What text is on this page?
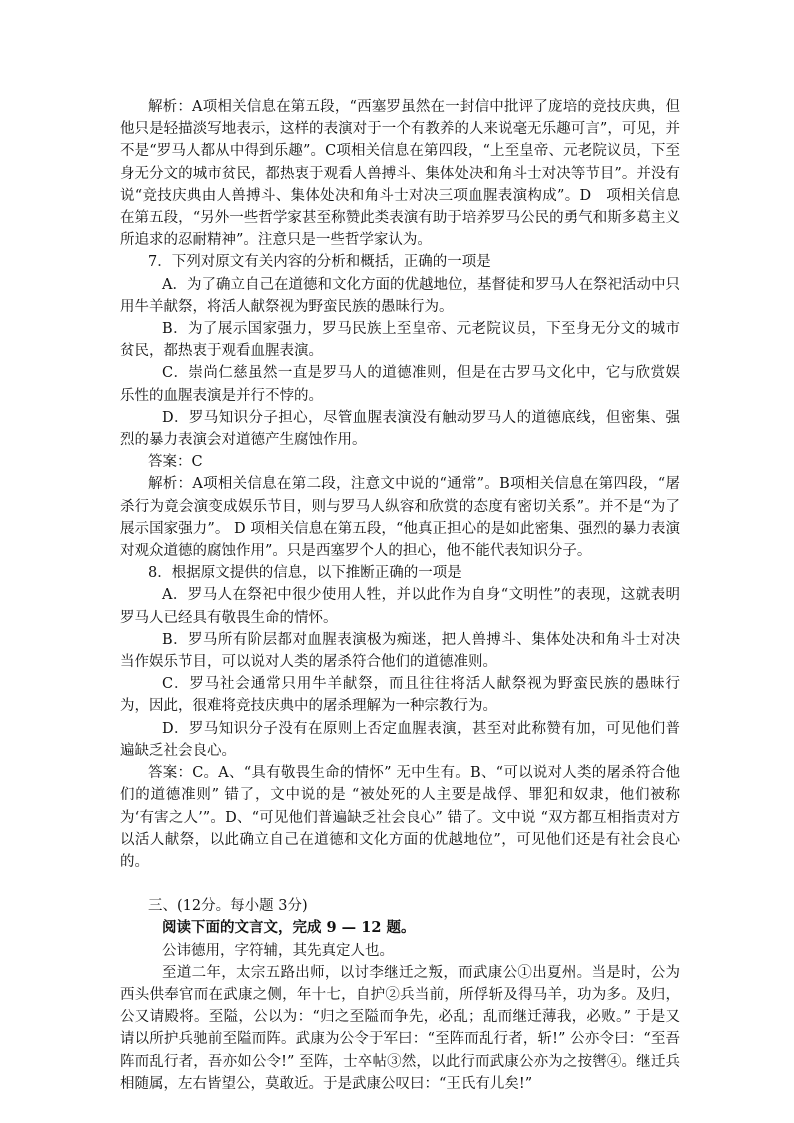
解析：A项相关信息在第五段，“西塞罗虽然在一封信中批评了庞培的竞技庆典，但他只是轻描淡写地表示，这样的表演对于一个有教养的人来说毫无乐趣可言”，可见，并不是“罗马人都从中得到乐趣”。C项相关信息在第四段，“上至皇帝、元老院议员，下至身无分文的城市贫民，都热衷于观看人兽搏斗、集体处决和角斗士对决等节目”。并没有说“竞技庆典由人兽搏斗、集体处决和角斗士对决三项血腥表演构成”。D　项相关信息在第五段，“另外一些哲学家甚至称赞此类表演有助于培养罗马公民的勇气和斯多葛主义所追求的忍耐精神”。注意只是一些哲学家认为。

7．下列对原文有关内容的分析和概括，正确的一项是

A．为了确立自己在道德和文化方面的优越地位，基督徒和罗马人在祭祀活动中只用牛羊献祭，将活人献祭视为野蛮民族的愚昧行为。

B．为了展示国家强力，罗马民族上至皇帝、元老院议员，下至身无分文的城市贫民，都热衷于观看血腥表演。

C．崇尚仁慈虽然一直是罗马人的道德准则，但是在古罗马文化中，它与欣赏娱乐性的血腥表演是并行不悖的。

D．罗马知识分子担心，尽管血腥表演没有触动罗马人的道德底线，但密集、强烈的暴力表演会对道德产生腐蚀作用。

答案：C

解析：A项相关信息在第二段，注意文中说的“通常”。B项相关信息在第四段，“屠杀行为竟会演变成娱乐节目，则与罗马人纵容和欣赏的态度有密切关系”。并不是“为了展示国家强力”。 D 项相关信息在第五段，“他真正担心的是如此密集、强烈的暴力表演对观众道德的腐蚀作用”。只是西塞罗个人的担心，他不能代表知识分子。

8．根据原文提供的信息，以下推断正确的一项是

A．罗马人在祭祀中很少使用人牲，并以此作为自身“文明性”的表现，这就表明罗马人已经具有敬畏生命的情怀。

B．罗马所有阶层都对血腥表演极为痴迷，把人兽搏斗、集体处决和角斗士对决当作娱乐节目，可以说对人类的屠杀符合他们的道德准则。

C．罗马社会通常只用牛羊献祭，而且往往将活人献祭视为野蛮民族的愚昧行为，因此，很难将竞技庆典中的屠杀理解为一种宗教行为。

D．罗马知识分子没有在原则上否定血腥表演，甚至对此称赞有加，可见他们普遍缺乏社会良心。

答案：C。A、“具有敬畏生命的情怀” 无中生有。B、“可以说对人类的屠杀符合他们的道德准则” 错了，文中说的是 “被处死的人主要是战俘、罪犯和奴隶，他们被称为‘有害之人’”。D、“可见他们普遍缺乏社会良心” 错了。文中说 “双方都互相指责对方以活人献祭，以此确立自己在道德和文化方面的优越地位”，可见他们还是有社会良心的。

三、(12分。每小题 3分)

阅读下面的文言文，完成 9 — 12 题。

公讳德用，字符辅，其先真定人也。

至道二年，太宗五路出师，以讨李继迁之叛，而武康公①出夏州。当是时，公为西头供奉官而在武康之侧，年十七，自护②兵当前，所俘斩及得马羊，功为多。及归，公又请殿将。至隘，公以为：“归之至隘而争先，必乱；乱而继迁薄我，必败。” 于是又请以所护兵驰前至隘而阵。武康为公令于军曰：“至阵而乱行者，斩!” 公亦令曰：“至吾阵而乱行者，吾亦如公令!” 至阵，士卒帖③然，以此行而武康公亦为之按辔④。继迁兵相随属，左右皆望公，莫敢近。于是武康公叹曰：“王氏有儿矣!”
